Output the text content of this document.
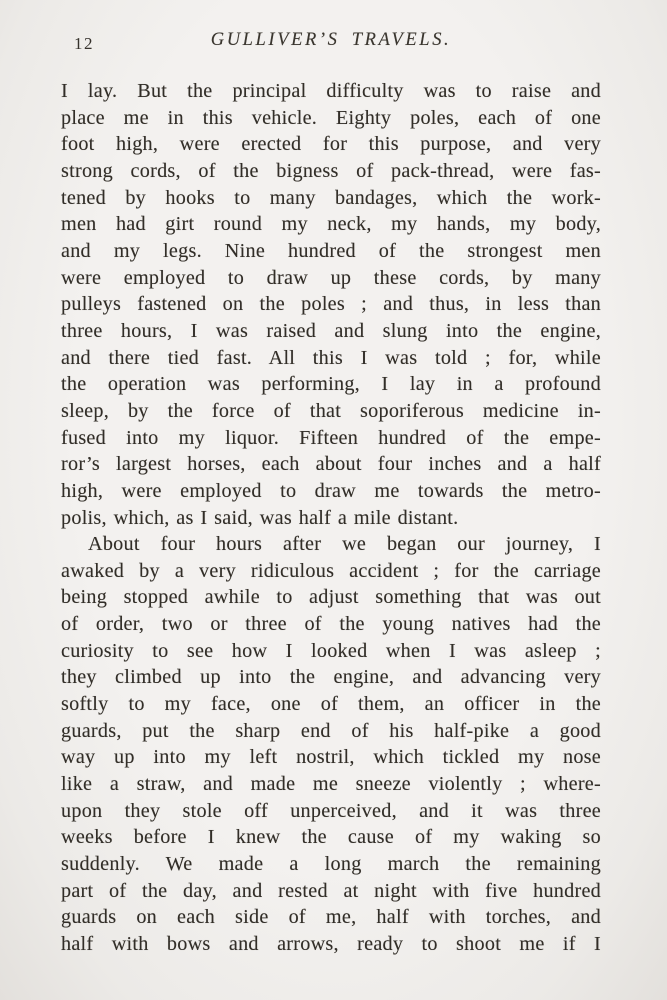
12	GULLIVER’S TRAVELS.
I lay. But the principal difficulty was to raise and
place me in this vehicle. Eighty poles, each of one
foot high, were erected for this purpose, and very
strong cords, of the bigness of pack-thread, were fas-
tened by hooks to many bandages, which the work-
men had girt round my neck, my hands, my body,
and my legs. Nine hundred of the strongest men
were employed to draw up these cords, by many
pulleys fastened on the poles ; and thus, in less than
three hours, I was raised and slung into the engine,
and there tied fast. All this I was told ; for, while
the operation was performing, I lay in a profound
sleep, by the force of that soporiferous medicine in-
fused into my liquor. Fifteen hundred of the empe-
ror’s largest horses, each about four inches and a half
high, were employed to draw me towards the metro-
polis, which, as I said, was half a mile distant.
About four hours after we began our journey, I
awaked by a very ridiculous accident ; for the carriage
being stopped awhile to adjust something that was out
of order, two or three of the young natives had the
curiosity to see how I looked when I was asleep ;
they climbed up into the engine, and advancing very
softly to my face, one of them, an officer in the
guards, put the sharp end of his half-pike a good
way up into my left nostril, which tickled my nose
like a straw, and made me sneeze violently ; where-
upon they stole off unperceived, and it was three
weeks before I knew the cause of my waking so
suddenly. We made a long march the remaining
part of the day, and rested at night with five hundred
guards on each side of me, half with torches, and
half with bows and arrows, ready to shoot me if I
